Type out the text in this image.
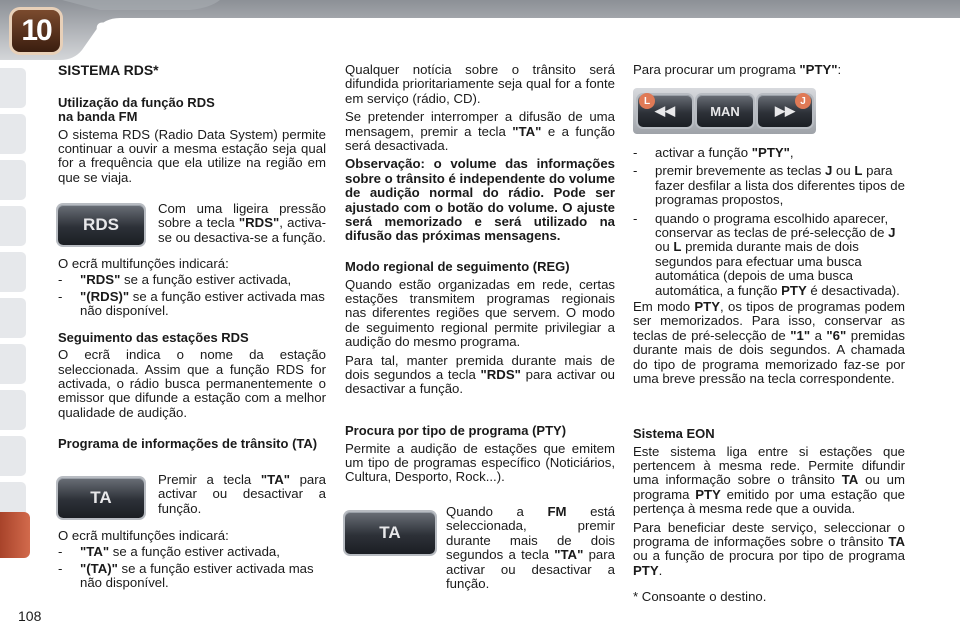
10	O ÁUDIO
SISTEMA RDS*
Utilização da função RDS
na banda FM

O sistema RDS (Radio Data System) permite continuar a ouvir a mesma estação seja qual for a frequência que ela utilize na região em que se viaja.

RDS

Com uma ligeira pressão sobre a tecla "RDS", activa-se ou desactiva-se a função.

O ecrã multifunções indicará:

- "RDS" se a função estiver activada,
- "(RDS)" se a função estiver activada mas não disponível.
Seguimento das estações RDS

O ecrã indica o nome da estação seleccionada. Assim que a função RDS for activada, o rádio busca permanentemente o emissor que difunde a estação com a melhor qualidade de audição.

Programa de informações de trânsito (TA)
TA

Premir a tecla "TA" para activar ou desactivar a função.

O ecrã multifunções indicará:

- "TA" se a função estiver activada,
- "(TA)" se a função estiver activada mas não disponível.

Qualquer notícia sobre o trânsito será difundida prioritariamente seja qual for a fonte em serviço (rádio, CD).

Se pretender interromper a difusão de uma mensagem, premir a tecla "TA" e a função será desactivada.

Observação: o volume das informações sobre o trânsito é independente do volume de audição normal do rádio. Pode ser ajustado com o botão do volume. O ajuste será memorizado e será utilizado na difusão das próximas mensagens.

Modo regional de seguimento (REG)

Quando estão organizadas em rede, certas estações transmitem programas regionais nas diferentes regiões que servem. O modo de seguimento regional permite privilegiar a audição do mesmo programa.

Para tal, manter premida durante mais de dois segundos a tecla "RDS" para activar ou desactivar a função.

Procura por tipo de programa (PTY)

Permite a audição de estações que emitem um tipo de programas específico (Noticiários, Cultura, Desporto, Rock...).

TA

Quando a FM está seleccionada, premir durante mais de dois segundos a tecla "TA" para activar ou desactivar a função.

Para procurar um programa "PTY":

◀◀	MAN	▶▶
L	J
- activar a função "PTY",
- premir brevemente as teclas J ou L para fazer desfilar a lista dos diferentes tipos de programas propostos,
- quando o programa escolhido aparecer, conservar as teclas de pré-selecção de J ou L premida durante mais de dois segundos para efectuar uma busca automática (depois de uma busca automática, a função PTY é desactivada).

Em modo PTY, os tipos de programas podem ser memorizados. Para isso, conservar as teclas de pré-selecção de "1" a "6" premidas durante mais de dois segundos. A chamada do tipo de programa memorizado faz-se por uma breve pressão na tecla correspondente.

Sistema EON

Este sistema liga entre si estações que pertencem à mesma rede. Permite difundir uma informação sobre o trânsito TA ou um programa PTY emitido por uma estação que pertença à mesma rede que a ouvida.

Para beneficiar deste serviço, seleccionar o programa de informações sobre o trânsito TA ou a função de procura por tipo de programa PTY.

* Consoante o destino.
108
